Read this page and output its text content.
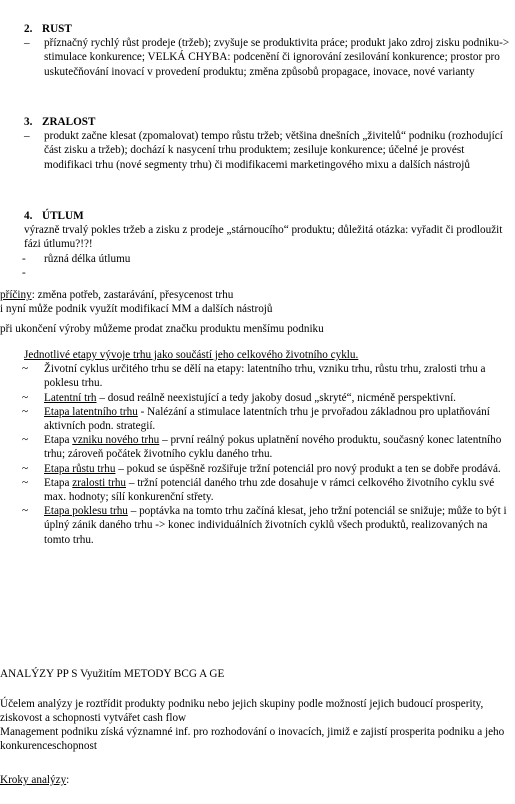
2. RUST
– příznačný rychlý růst prodeje (tržeb); zvyšuje se produktivita práce; produkt jako zdroj zisku podniku-> stimulace konkurence; VELKÁ CHYBA: podcenění či ignorování zesilování konkurence; prostor pro uskutečňování inovací v provedení produktu; změna způsobů propagace, inovace, nové varianty
3. ZRALOST
– produkt začne klesat (zpomalovat) tempo růstu tržeb; většina dnešních „živitelů“ podniku (rozhodující část zisku a tržeb); dochází k nasycení trhu produktem; zesiluje konkurence; účelné je provést modifikaci trhu (nové segmenty trhu) či modifikacemi marketingového mixu a dalších nástrojů
4. ÚTLUM
výrazně trvalý pokles tržeb a zisku z prodeje „stárnoucího“ produktu; důležitá otázka: vyřadit či prodloužit fázi útlumu?!?!
- různá délka útlumu
-
příčiny: změna potřeb, zastarávání, přesycenost trhu
i nyní může podnik využít modifikací MM a dalších nástrojů
při ukončení výroby můžeme prodat značku produktu menšímu podniku
Jednotlivé etapy vývoje trhu jako součástí jeho celkového životního cyklu.
~ Životní cyklus určitého trhu se dělí na etapy: latentního trhu, vzniku trhu, růstu trhu, zralosti trhu a poklesu trhu.
~ Latentní trh – dosud reálně neexistující a tedy jakoby dosud „skryté“, nicméně perspektivní.
~ Etapa latentního trhu - Nalézání a stimulace latentních trhu je prvořadou základnou pro uplatňování aktivních podn. strategií.
~ Etapa vzniku nového trhu – první reálný pokus uplatnění nového produktu, současný konec latentního trhu; zároveň počátek životního cyklu daného trhu.
~ Etapa růstu trhu – pokud se úspěšně rozšiřuje tržní potenciál pro nový produkt a ten se dobře prodává.
~ Etapa zralosti trhu – tržní potenciál daného trhu zde dosahuje v rámci celkového životního cyklu své max. hodnoty; sílí konkurenční střety.
~ Etapa poklesu trhu – poptávka na tomto trhu začíná klesat, jeho tržní potenciál se snižuje; může to být i úplný zánik daného trhu -> konec individuálních životních cyklů všech produktů, realizovaných na tomto trhu.
ANALÝZY PP S Využitím METODY BCG A GE
Účelem analýzy je roztřídit produkty podniku nebo jejich skupiny podle možností jejich budoucí prosperity, ziskovost a schopnosti vytvářet cash flow
Management podniku získá významné inf. pro rozhodování o inovacích, jimiž e zajistí prosperita podniku a jeho konkurenceschopnost
Kroky analýzy:
